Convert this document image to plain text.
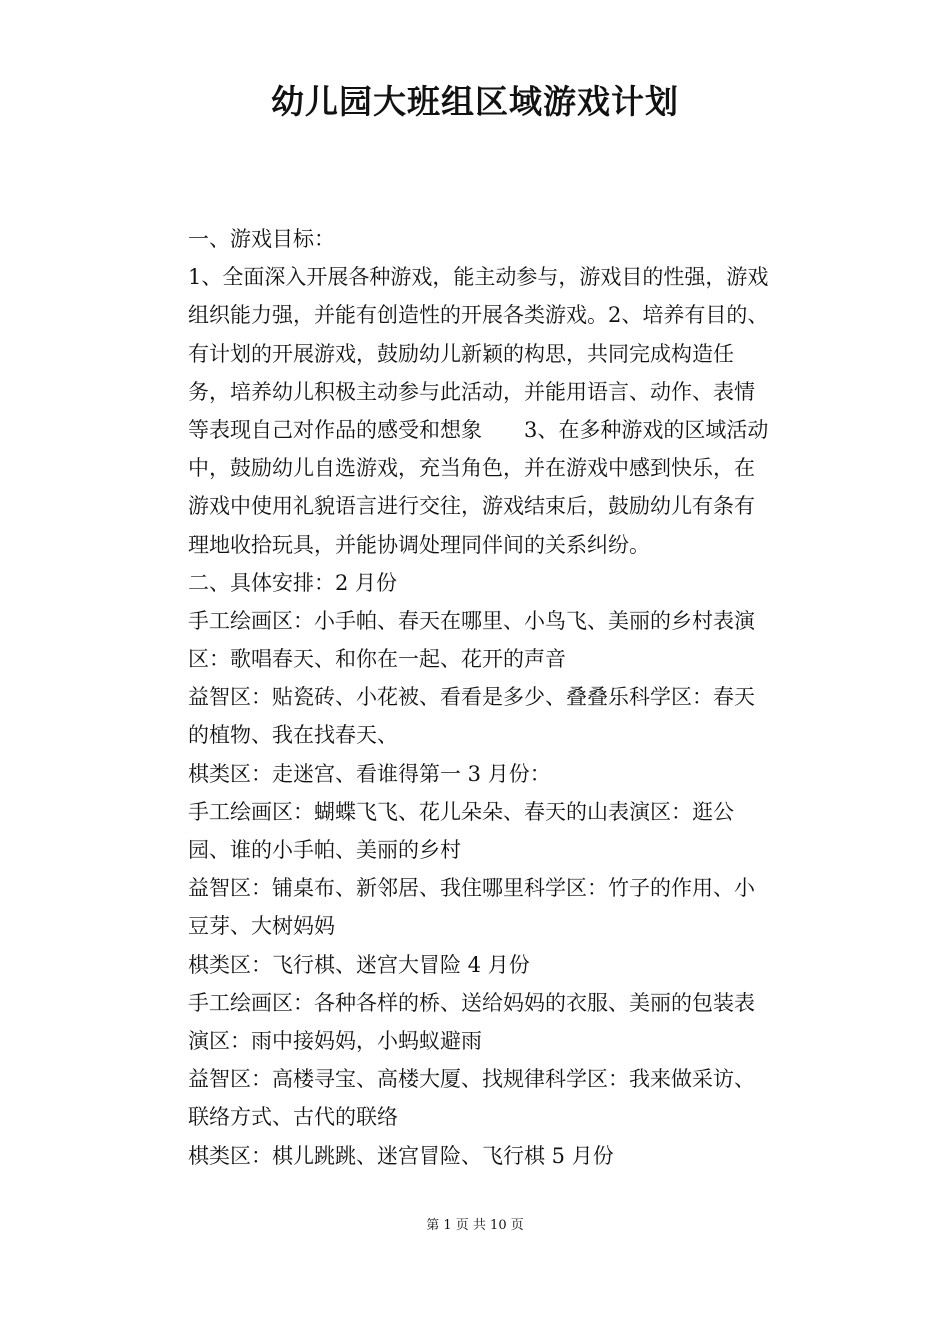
幼儿园大班组区域游戏计划
一、游戏目标：
1、全面深入开展各种游戏，能主动参与，游戏目的性强，游戏
组织能力强，并能有创造性的开展各类游戏。2、培养有目的、
有计划的开展游戏，鼓励幼儿新颖的构思，共同完成构造任
务，培养幼儿积极主动参与此活动，并能用语言、动作、表情
等表现自己对作品的感受和想象　　3、在多种游戏的区域活动
中，鼓励幼儿自选游戏，充当角色，并在游戏中感到快乐，在
游戏中使用礼貌语言进行交往，游戏结束后，鼓励幼儿有条有
理地收拾玩具，并能协调处理同伴间的关系纠纷。
二、具体安排：2 月份
手工绘画区：小手帕、春天在哪里、小鸟飞、美丽的乡村表演
区：歌唱春天、和你在一起、花开的声音
益智区：贴瓷砖、小花被、看看是多少、叠叠乐科学区：春天
的植物、我在找春天、
棋类区：走迷宫、看谁得第一 3 月份：
手工绘画区：蝴蝶飞飞、花儿朵朵、春天的山表演区：逛公
园、谁的小手帕、美丽的乡村
益智区：铺桌布、新邻居、我住哪里科学区：竹子的作用、小
豆芽、大树妈妈
棋类区：飞行棋、迷宫大冒险 4 月份
手工绘画区：各种各样的桥、送给妈妈的衣服、美丽的包装表
演区：雨中接妈妈，小蚂蚁避雨
益智区：高楼寻宝、高楼大厦、找规律科学区：我来做采访、
联络方式、古代的联络
棋类区：棋儿跳跳、迷宫冒险、飞行棋 5 月份
第 1 页 共 10 页
